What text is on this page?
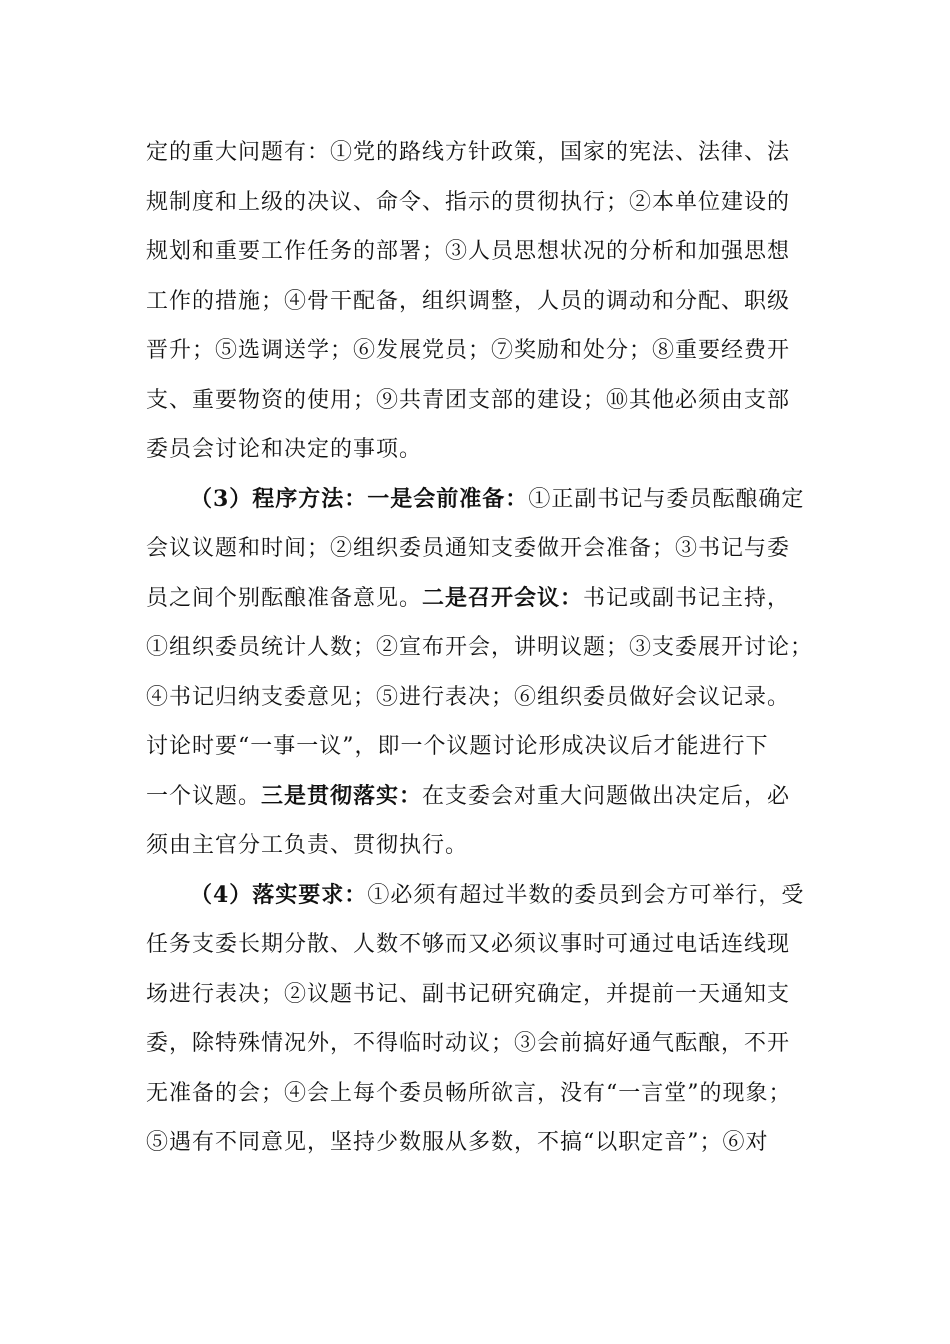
定的重大问题有：①党的路线方针政策，国家的宪法、法律、法
规制度和上级的决议、命令、指示的贯彻执行；②本单位建设的
规划和重要工作任务的部署；③人员思想状况的分析和加强思想
工作的措施；④骨干配备，组织调整，人员的调动和分配、职级
晋升；⑤选调送学；⑥发展党员；⑦奖励和处分；⑧重要经费开
支、重要物资的使用；⑨共青团支部的建设；⑩其他必须由支部
委员会讨论和决定的事项。
（3）程序方法：一是会前准备：①正副书记与委员酝酿确定
会议议题和时间；②组织委员通知支委做开会准备；③书记与委
员之间个别酝酿准备意见。二是召开会议：书记或副书记主持，
①组织委员统计人数；②宣布开会，讲明议题；③支委展开讨论；
④书记归纳支委意见；⑤进行表决；⑥组织委员做好会议记录。
讨论时要“一事一议”，即一个议题讨论形成决议后才能进行下
一个议题。三是贯彻落实：在支委会对重大问题做出决定后，必
须由主官分工负责、贯彻执行。
（4）落实要求：①必须有超过半数的委员到会方可举行，受
任务支委长期分散、人数不够而又必须议事时可通过电话连线现
场进行表决；②议题书记、副书记研究确定，并提前一天通知支
委，除特殊情况外，不得临时动议；③会前搞好通气酝酿，不开
无准备的会；④会上每个委员畅所欲言，没有“一言堂”的现象；
⑤遇有不同意见，坚持少数服从多数，不搞“以职定音”；⑥对
